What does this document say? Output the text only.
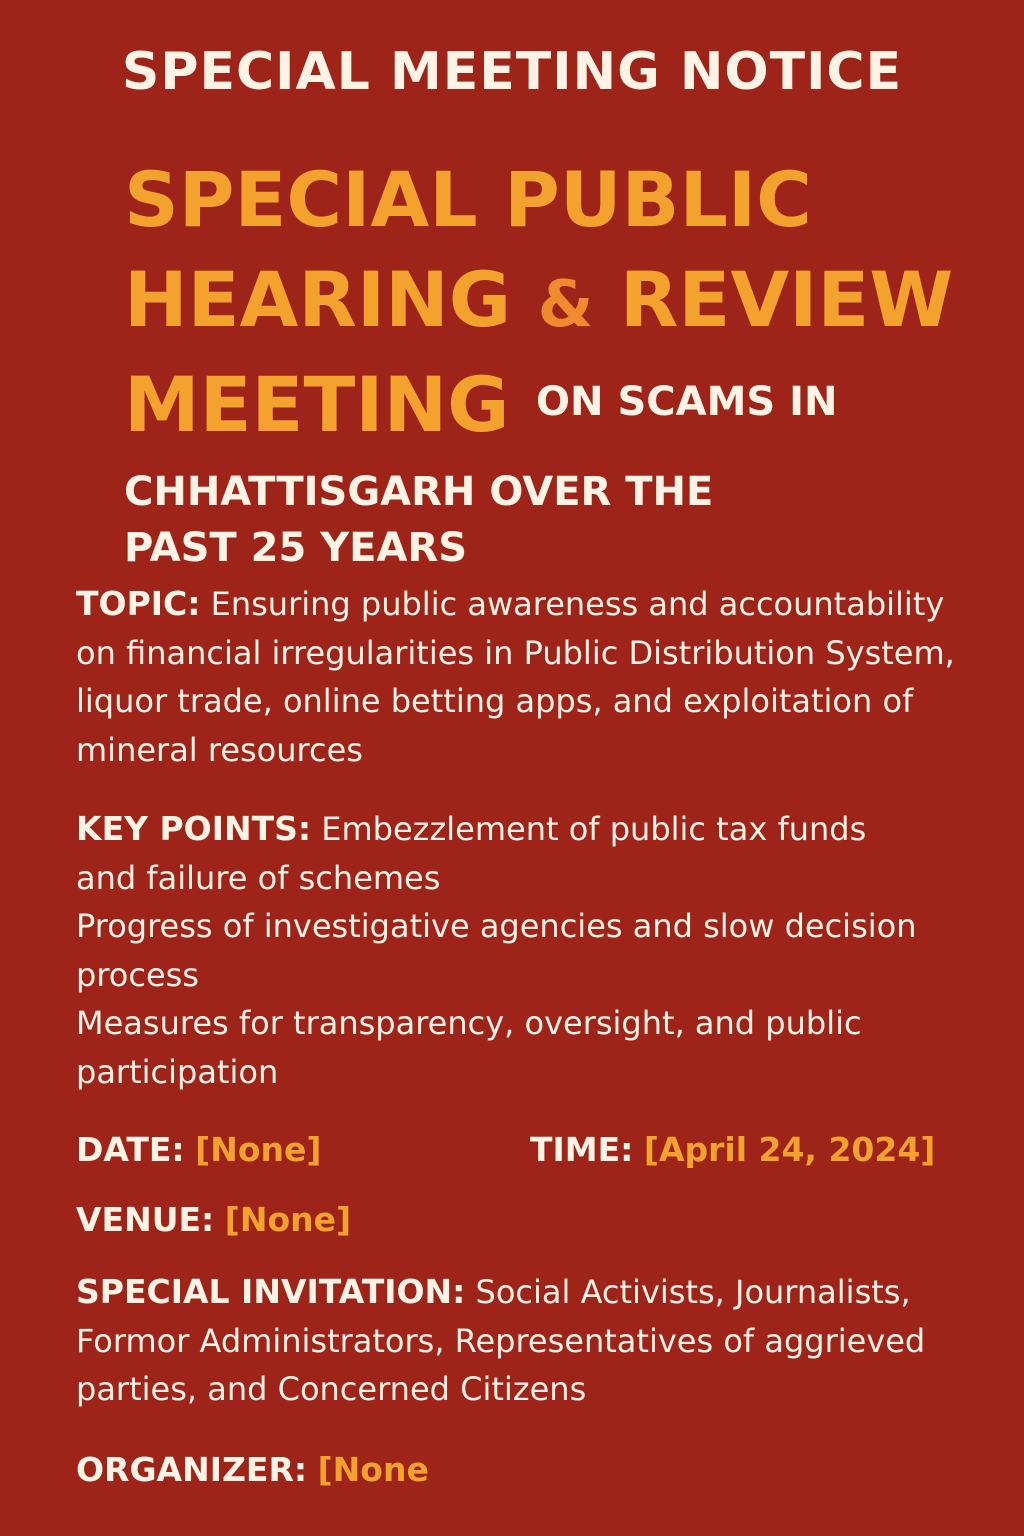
SPECIAL MEETING NOTICE
SPECIAL PUBLIC
HEARING & REVIEW
MEETING ON SCAMS IN
CHHATTISGARH OVER THE
PAST 25 YEARS
TOPIC: Ensuring public awareness and accountability
on financial irregularities in Public Distribution System,
liquor trade, online betting apps, and exploitation of
mineral resources
KEY POINTS: Embezzlement of public tax funds
and failure of schemes
Progress of investigative agencies and slow decision
process
Measures for transparency, oversight, and public
participation
DATE: [None]	TIME: [April 24, 2024]
VENUE: [None]
SPECIAL INVITATION: Social Activists, Journalists,
Formor Administrators, Representatives of aggrieved
parties, and Concerned Citizens
ORGANIZER: [None
